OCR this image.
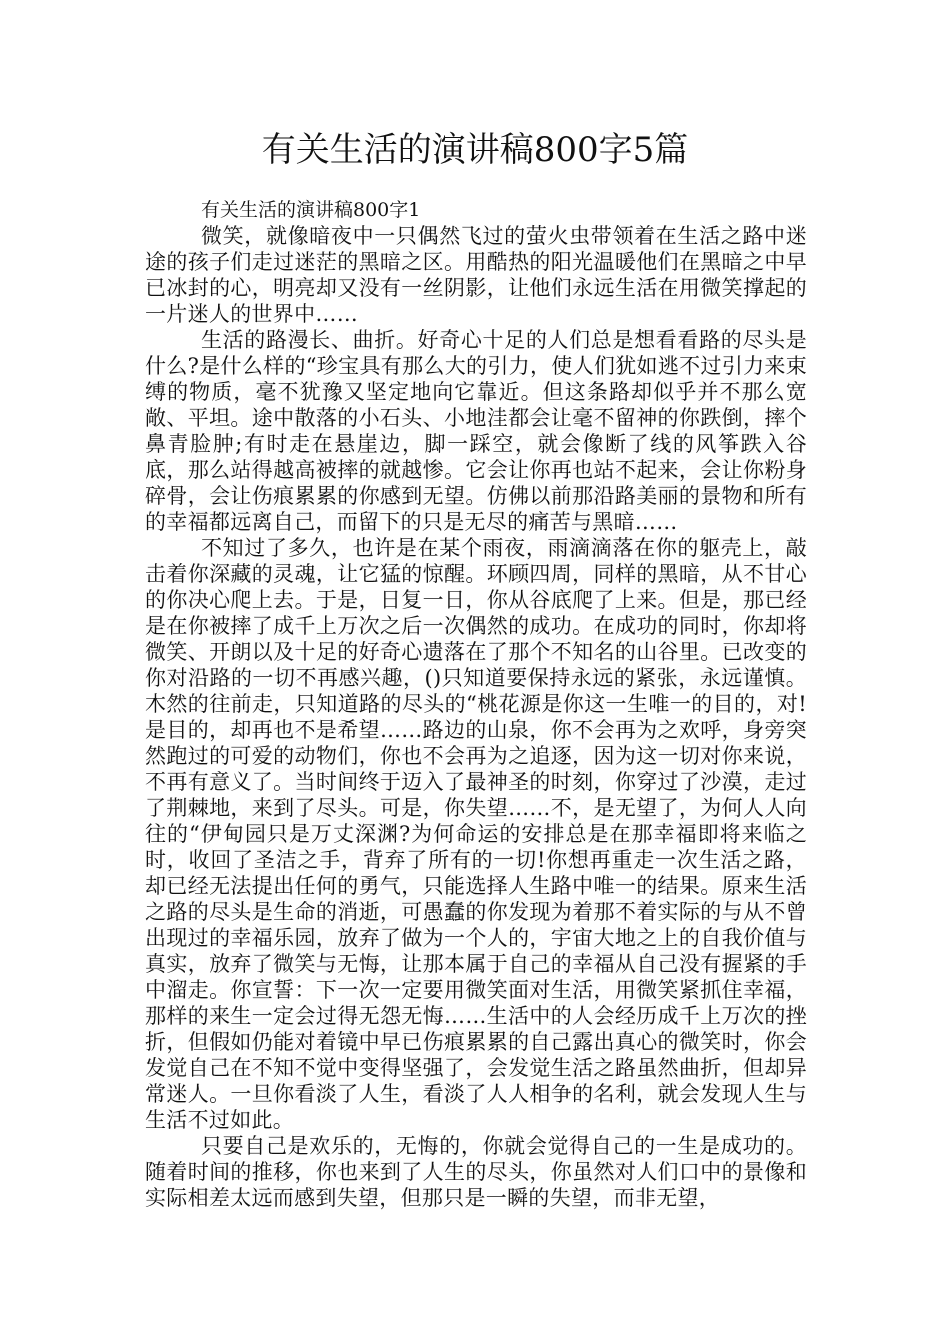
有关生活的演讲稿800字5篇

有关生活的演讲稿800字1

微笑，就像暗夜中一只偶然飞过的萤火虫带领着在生活之路中迷途的孩子们走过迷茫的黑暗之区。用酷热的阳光温暖他们在黑暗之中早已冰封的心，明亮却又没有一丝阴影，让他们永远生活在用微笑撑起的一片迷人的世界中……

生活的路漫长、曲折。好奇心十足的人们总是想看看路的尽头是什么?是什么样的“珍宝具有那么大的引力，使人们犹如逃不过引力来束缚的物质，毫不犹豫又坚定地向它靠近。但这条路却似乎并不那么宽敞、平坦。途中散落的小石头、小地洼都会让毫不留神的你跌倒，摔个鼻青脸肿;有时走在悬崖边，脚一踩空，就会像断了线的风筝跌入谷底，那么站得越高被摔的就越惨。它会让你再也站不起来，会让你粉身碎骨，会让伤痕累累的你感到无望。仿佛以前那沿路美丽的景物和所有的幸福都远离自己，而留下的只是无尽的痛苦与黑暗……

不知过了多久，也许是在某个雨夜，雨滴滴落在你的躯壳上，敲击着你深藏的灵魂，让它猛的惊醒。环顾四周，同样的黑暗，从不甘心的你决心爬上去。于是，日复一日，你从谷底爬了上来。但是，那已经是在你被摔了成千上万次之后一次偶然的成功。在成功的同时，你却将微笑、开朗以及十足的好奇心遗落在了那个不知名的山谷里。已改变的你对沿路的一切不再感兴趣，()只知道要保持永远的紧张，永远谨慎。木然的往前走，只知道路的尽头的“桃花源是你这一生唯一的目的，对!是目的，却再也不是希望……路边的山泉，你不会再为之欢呼，身旁突然跑过的可爱的动物们，你也不会再为之追逐，因为这一切对你来说，不再有意义了。当时间终于迈入了最神圣的时刻，你穿过了沙漠，走过了荆棘地，来到了尽头。可是，你失望……不，是无望了，为何人人向往的“伊甸园只是万丈深渊?为何命运的安排总是在那幸福即将来临之时，收回了圣洁之手，背弃了所有的一切!你想再重走一次生活之路，却已经无法提出任何的勇气，只能选择人生路中唯一的结果。原来生活之路的尽头是生命的消逝，可愚蠢的你发现为着那不着实际的与从不曾出现过的幸福乐园，放弃了做为一个人的，宇宙大地之上的自我价值与真实，放弃了微笑与无悔，让那本属于自己的幸福从自己没有握紧的手中溜走。你宣誓：下一次一定要用微笑面对生活，用微笑紧抓住幸福，那样的来生一定会过得无怨无悔……生活中的人会经历成千上万次的挫折，但假如仍能对着镜中早已伤痕累累的自己露出真心的微笑时，你会发觉自己在不知不觉中变得坚强了，会发觉生活之路虽然曲折，但却异常迷人。一旦你看淡了人生，看淡了人人相争的名利，就会发现人生与生活不过如此。

只要自己是欢乐的，无悔的，你就会觉得自己的一生是成功的。随着时间的推移，你也来到了人生的尽头，你虽然对人们口中的景像和实际相差太远而感到失望，但那只是一瞬的失望，而非无望，
